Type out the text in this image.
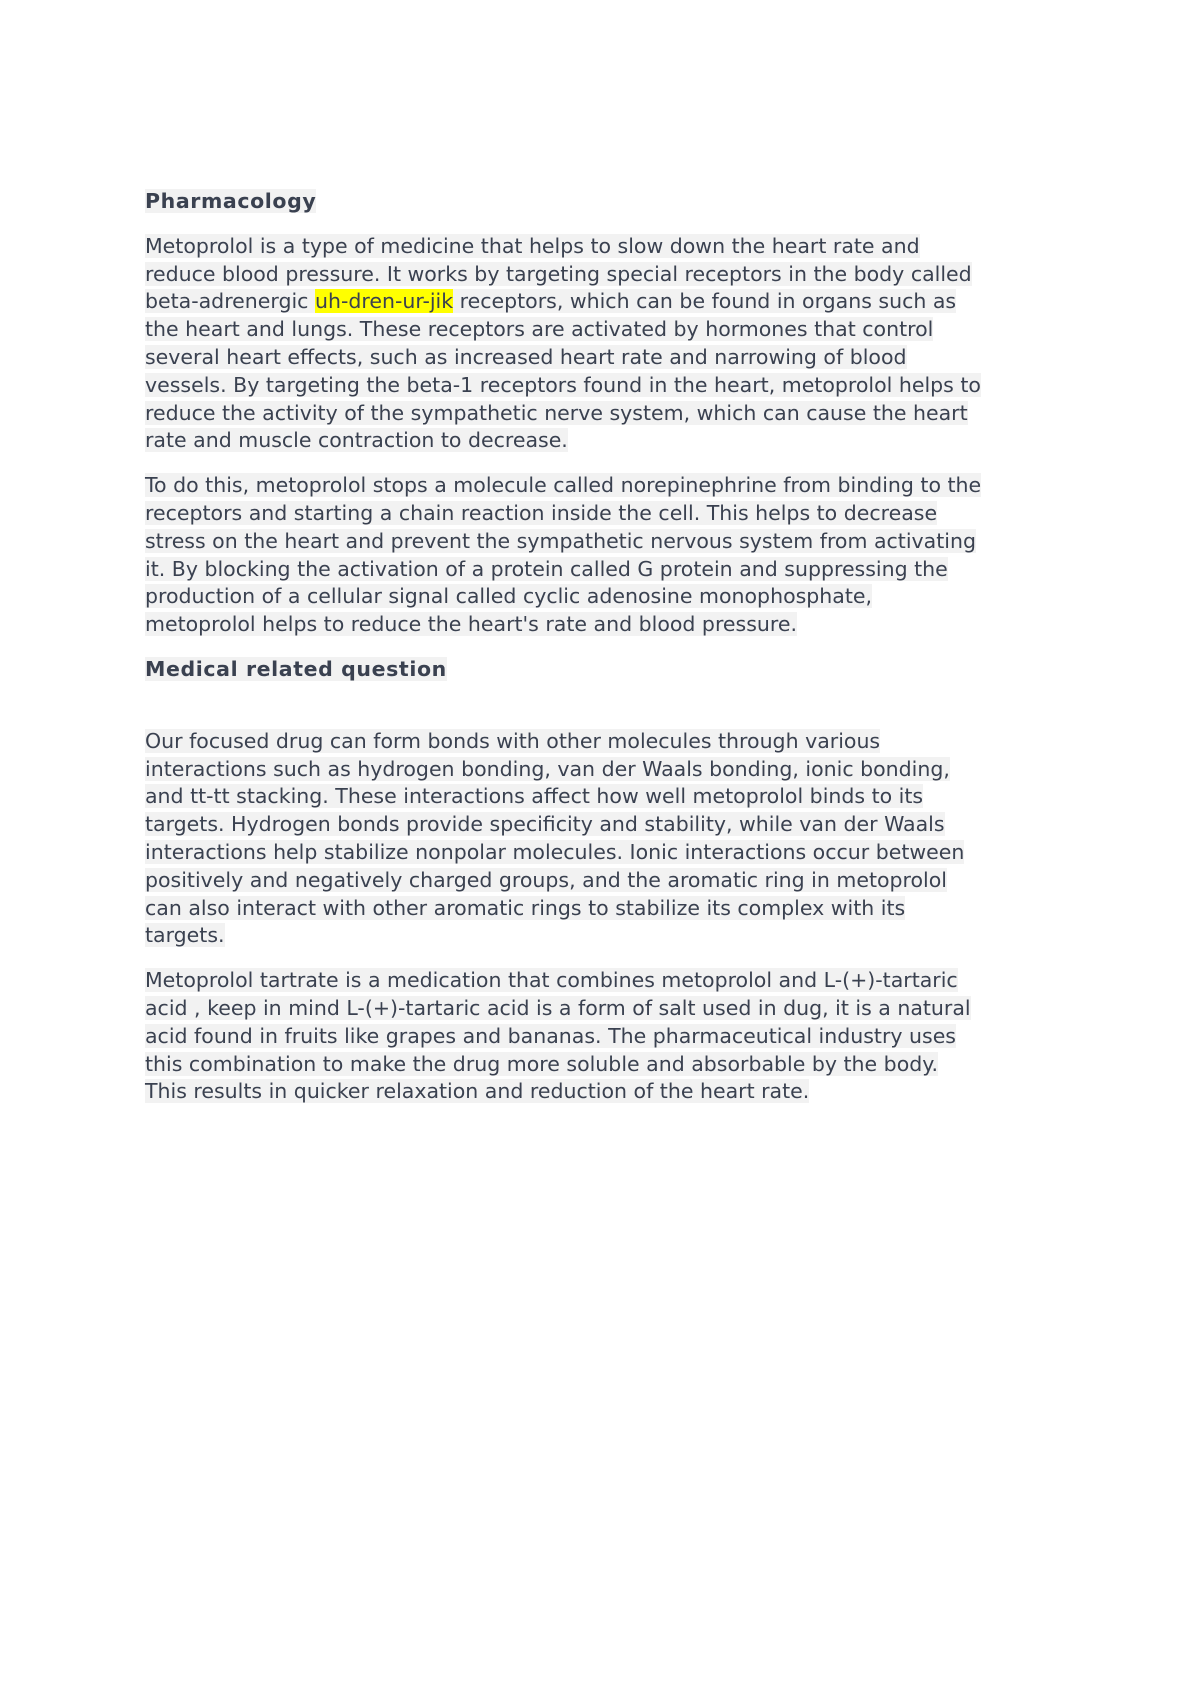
Pharmacology
Metoprolol is a type of medicine that helps to slow down the heart rate and
reduce blood pressure. It works by targeting special receptors in the body called
beta-adrenergic uh-dren-ur-jik receptors, which can be found in organs such as
the heart and lungs. These receptors are activated by hormones that control
several heart effects, such as increased heart rate and narrowing of blood
vessels. By targeting the beta-1 receptors found in the heart, metoprolol helps to
reduce the activity of the sympathetic nerve system, which can cause the heart
rate and muscle contraction to decrease.
To do this, metoprolol stops a molecule called norepinephrine from binding to the
receptors and starting a chain reaction inside the cell. This helps to decrease
stress on the heart and prevent the sympathetic nervous system from activating
it. By blocking the activation of a protein called G protein and suppressing the
production of a cellular signal called cyclic adenosine monophosphate,
metoprolol helps to reduce the heart's rate and blood pressure.
Medical related question
Our focused drug can form bonds with other molecules through various
interactions such as hydrogen bonding, van der Waals bonding, ionic bonding,
and tt-tt stacking. These interactions affect how well metoprolol binds to its
targets. Hydrogen bonds provide specificity and stability, while van der Waals
interactions help stabilize nonpolar molecules. Ionic interactions occur between
positively and negatively charged groups, and the aromatic ring in metoprolol
can also interact with other aromatic rings to stabilize its complex with its
targets.
Metoprolol tartrate is a medication that combines metoprolol and L-(+)-tartaric
acid , keep in mind L-(+)-tartaric acid is a form of salt used in dug, it is a natural
acid found in fruits like grapes and bananas. The pharmaceutical industry uses
this combination to make the drug more soluble and absorbable by the body.
This results in quicker relaxation and reduction of the heart rate.
